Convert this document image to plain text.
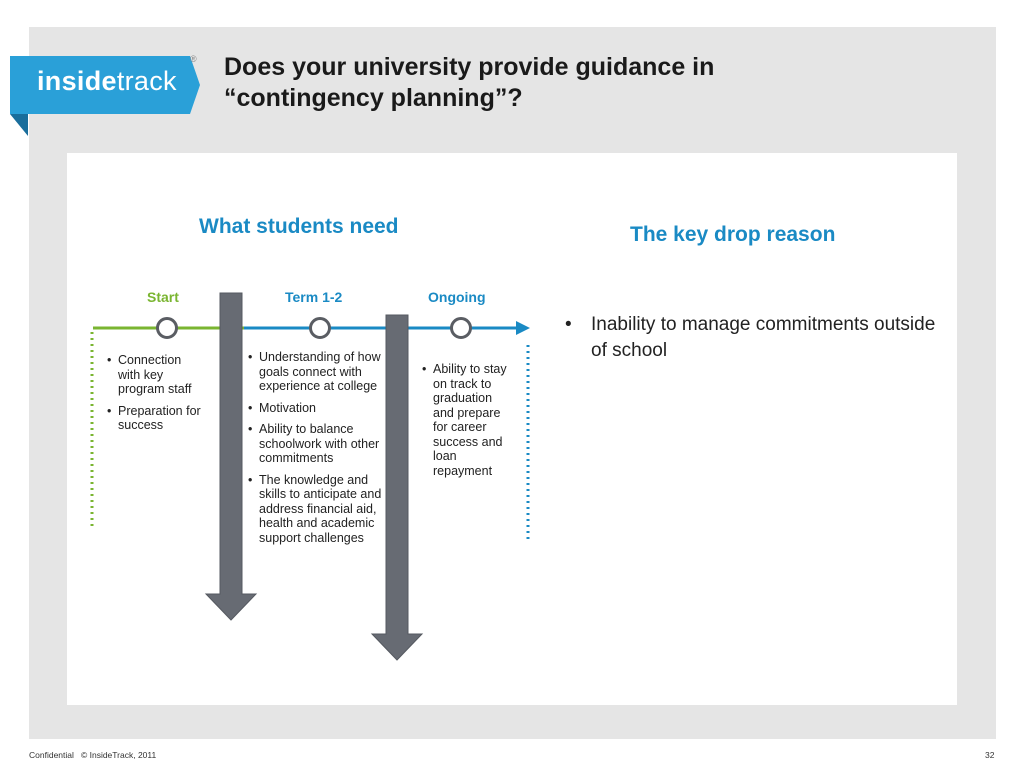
insidetrack
® Does your university provide guidance in
“contingency planning”?
What students need	The key drop reason
Start	Term 1-2	Ongoing
• Connection with key program staff
• Preparation for success
• Understanding of how goals connect with experience at college
• Motivation
• Ability to balance schoolwork with other commitments
• The knowledge and skills to anticipate and address financial aid, health and academic support challenges
• Ability to stay on track to graduation and prepare for career success and loan repayment
• Inability to manage commitments outside of school
Confidential   © InsideTrack, 2011	32
